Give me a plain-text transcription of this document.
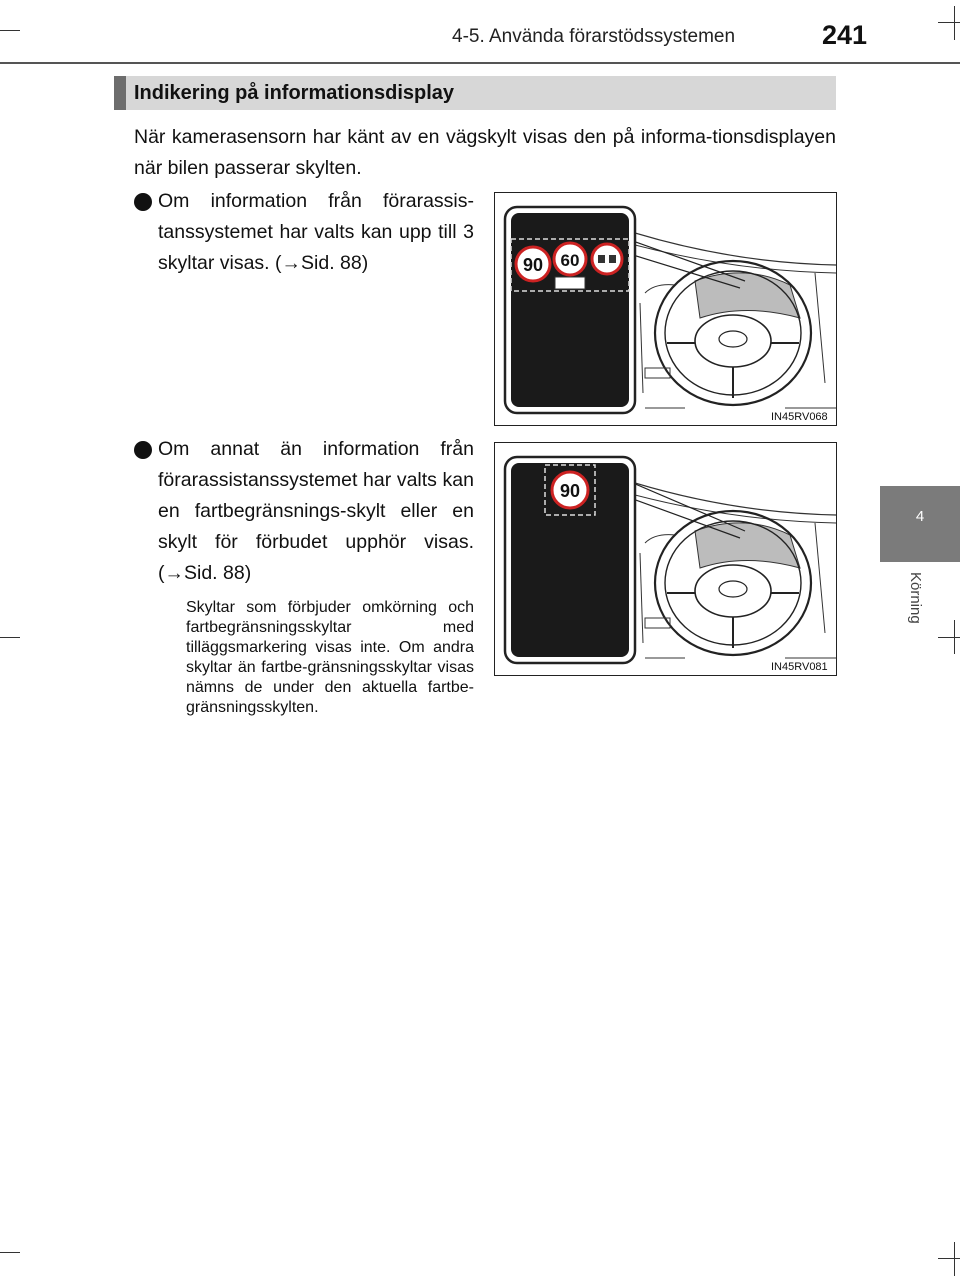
4-5. Använda förarstödssystemen	241
4
Körning
Indikering på informationsdisplay
När kamerasensorn har känt av en vägskylt visas den på informa-tionsdisplayen när bilen passerar skylten.
Om information från förarassis-tanssystemet har valts kan upp till 3 skyltar visas. (→Sid. 88)
Om annat än information från förarassistanssystemet har valts kan en fartbegränsnings-skylt eller en skylt för förbudet upphör visas. (→Sid. 88)
Skyltar som förbjuder omkörning och fartbegränsningsskyltar med tilläggsmarkering visas inte. Om andra skyltar än fartbe-gränsningsskyltar visas nämns de under den aktuella fartbe-gränsningsskylten.
90 60
IN45RV068
90
IN45RV081
